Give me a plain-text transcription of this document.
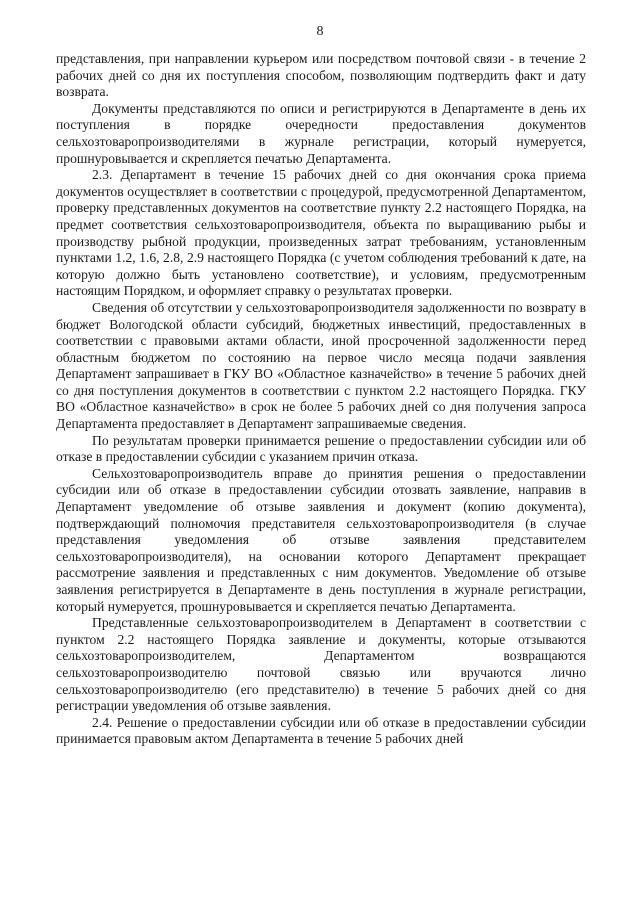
8

представления, при направлении курьером или посредством почтовой связи - в течение 2 рабочих дней со дня их поступления способом, позволяющим подтвердить факт и дату возврата.

Документы представляются по описи и регистрируются в Департаменте в день их поступления в порядке очередности предоставления документов сельхозтоваропроизводителями в журнале регистрации, который нумеруется, прошнуровывается и скрепляется печатью Департамента.

2.3. Департамент в течение 15 рабочих дней со дня окончания срока приема документов осуществляет в соответствии с процедурой, предусмотренной Департаментом, проверку представленных документов на соответствие пункту 2.2 настоящего Порядка, на предмет соответствия сельхозтоваропроизводителя, объекта по выращиванию рыбы и производству рыбной продукции, произведенных затрат требованиям, установленным пунктами 1.2, 1.6, 2.8, 2.9 настоящего Порядка (с учетом соблюдения требований к дате, на которую должно быть установлено соответствие), и условиям, предусмотренным настоящим Порядком, и оформляет справку о результатах проверки.

Сведения об отсутствии у сельхозтоваропроизводителя задолженности по возврату в бюджет Вологодской области субсидий, бюджетных инвестиций, предоставленных в соответствии с правовыми актами области, иной просроченной задолженности перед областным бюджетом по состоянию на первое число месяца подачи заявления Департамент запрашивает в ГКУ ВО «Областное казначейство» в течение 5 рабочих дней со дня поступления документов в соответствии с пунктом 2.2 настоящего Порядка. ГКУ ВО «Областное казначейство» в срок не более 5 рабочих дней со дня получения запроса Департамента предоставляет в Департамент запрашиваемые сведения.

По результатам проверки принимается решение о предоставлении субсидии или об отказе в предоставлении субсидии с указанием причин отказа.

Сельхозтоваропроизводитель вправе до принятия решения о предоставлении субсидии или об отказе в предоставлении субсидии отозвать заявление, направив в Департамент уведомление об отзыве заявления и документ (копию документа), подтверждающий полномочия представителя сельхозтоваропроизводителя (в случае представления уведомления об отзыве заявления представителем сельхозтоваропроизводителя), на основании которого Департамент прекращает рассмотрение заявления и представленных с ним документов. Уведомление об отзыве заявления регистрируется в Департаменте в день поступления в журнале регистрации, который нумеруется, прошнуровывается и скрепляется печатью Департамента.

Представленные сельхозтоваропроизводителем в Департамент в соответствии с пунктом 2.2 настоящего Порядка заявление и документы, которые отзываются сельхозтоваропроизводителем, Департаментом возвращаются сельхозтоваропроизводителю почтовой связью или вручаются лично сельхозтоваропроизводителю (его представителю) в течение 5 рабочих дней со дня регистрации уведомления об отзыве заявления.

2.4. Решение о предоставлении субсидии или об отказе в предоставлении субсидии принимается правовым актом Департамента в течение 5 рабочих дней
